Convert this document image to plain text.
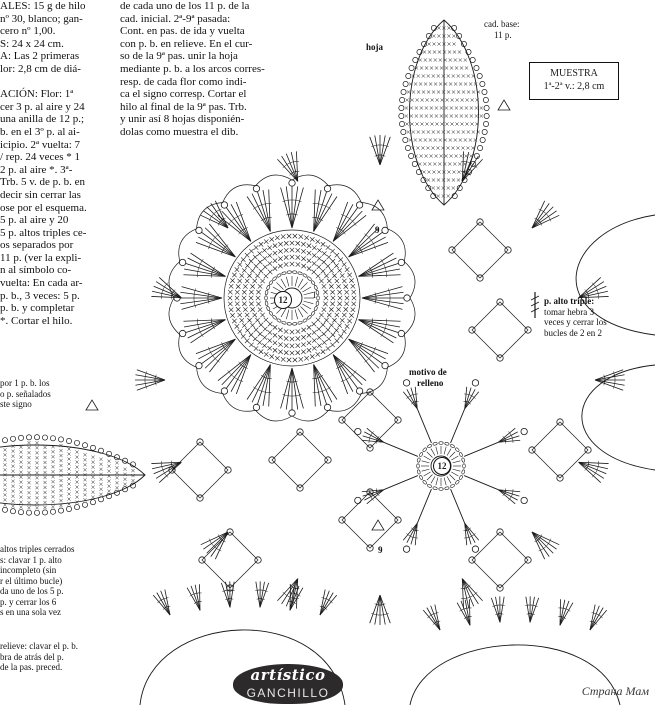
ALES: 15 g de hilo
nº 30, blanco; gan-
cero nº 1,00.
S: 24 x 24 cm.
A: Las 2 primeras
lor: 2,8 cm de diá-

ACIÓN: Flor: 1ª
cer 3 p. al aire y 24
una anilla de 12 p.;
b. en el 3º p. al ai-
icipio. 2ª vuelta: 7
/ rep. 24 veces * 1
2 p. al aire *. 3ª-
Trb. 5 v. de p. b. en
decir sin cerrar las
ose por el esquema.
5 p. al aire y 20
5 p. altos triples ce-
os separados por
11 p. (ver la expli-
n al símbolo co-
vuelta: En cada ar-
p. b., 3 veces: 5 p.
p. b. y completar
*. Cortar el hilo.
de cada uno de los 11 p. de la
cad. inicial. 2ª-9ª pasada:
Cont. en pas. de ida y vuelta
con p. b. en relieve. En el cur-
so de la 9ª pas. unir la hoja
mediante p. b. a los arcos corres-
resp. de cada flor como indi-
ca el signo corresp. Cortar el
hilo al final de la 9ª pas. Trb.
y unir así 8 hojas disponién-
dolas como muestra el dib.
hoja
cad. base:
11 p.
MUESTRA
1ª-2ª v.: 2,8 cm
p. alto triple:
tomar hebra 3
veces y cerrar los
bucles de 2 en 2
motivo de
relleno
9
9
12
12
1
por 1 p. b. los
o p. señalados
ste signo
altos triples cerrados
s: clavar 1 p. alto
incompleto (sin
r el último bucle)
da uno de los 5 p.
p. y cerrar los 6
s en una sola vez
relieve: clavar el p. b.
bra de atrás del p.
de la pas. preced.	artístico
GANCHILLO	Страна Мам
